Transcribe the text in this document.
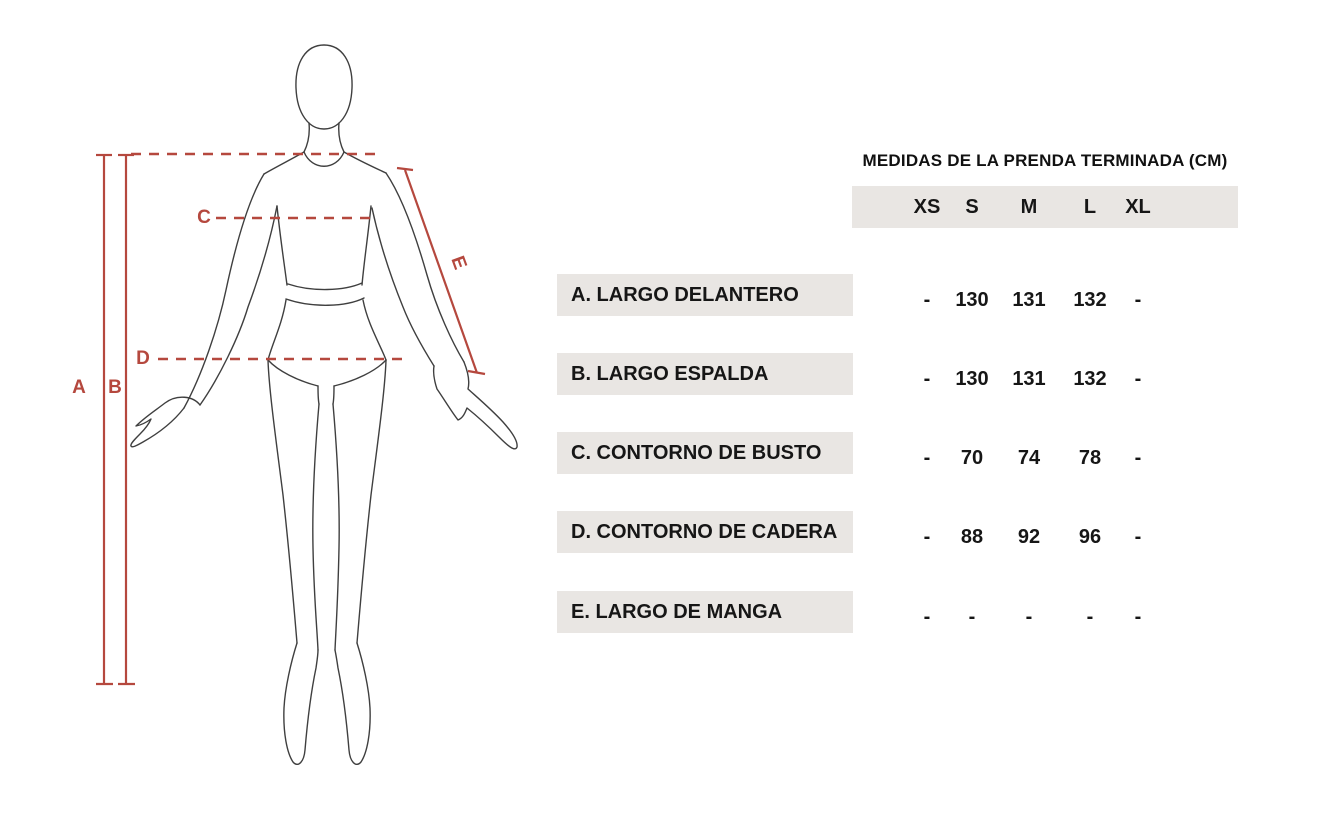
A B
C
D
E
MEDIDAS DE LA PRENDA TERMINADA (CM)
XS S M L XL
A. LARGO DELANTERO	- 130 131 132 -
B. LARGO ESPALDA	- 130 131 132 -
C. CONTORNO DE BUSTO	- 70 74 78 -
D. CONTORNO DE CADERA	- 88 92 96 -
E. LARGO DE MANGA	- -	-	- -
